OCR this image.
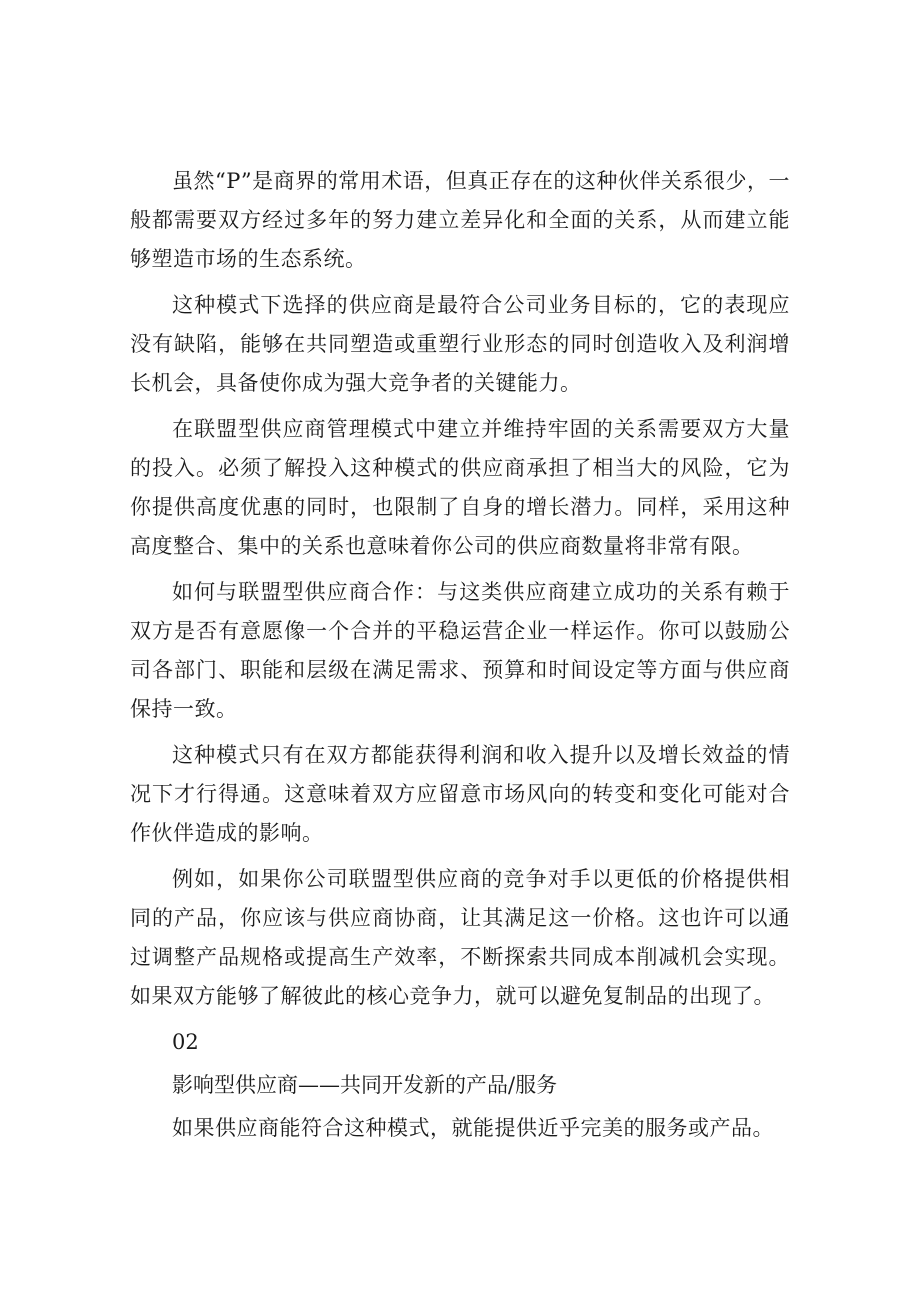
虽然“P”是商界的常用术语，但真正存在的这种伙伴关系很少，一般都需要双方经过多年的努力建立差异化和全面的关系，从而建立能够塑造市场的生态系统。

这种模式下选择的供应商是最符合公司业务目标的，它的表现应没有缺陷，能够在共同塑造或重塑行业形态的同时创造收入及利润增长机会，具备使你成为强大竞争者的关键能力。

在联盟型供应商管理模式中建立并维持牢固的关系需要双方大量的投入。必须了解投入这种模式的供应商承担了相当大的风险，它为你提供高度优惠的同时，也限制了自身的增长潜力。同样，采用这种高度整合、集中的关系也意味着你公司的供应商数量将非常有限。

如何与联盟型供应商合作：与这类供应商建立成功的关系有赖于双方是否有意愿像一个合并的平稳运营企业一样运作。你可以鼓励公司各部门、职能和层级在满足需求、预算和时间设定等方面与供应商保持一致。

这种模式只有在双方都能获得利润和收入提升以及增长效益的情况下才行得通。这意味着双方应留意市场风向的转变和变化可能对合作伙伴造成的影响。

例如，如果你公司联盟型供应商的竞争对手以更低的价格提供相同的产品，你应该与供应商协商，让其满足这一价格。这也许可以通过调整产品规格或提高生产效率，不断探索共同成本削减机会实现。如果双方能够了解彼此的核心竞争力，就可以避免复制品的出现了。

02

影响型供应商——共同开发新的产品/服务

如果供应商能符合这种模式，就能提供近乎完美的服务或产品。
